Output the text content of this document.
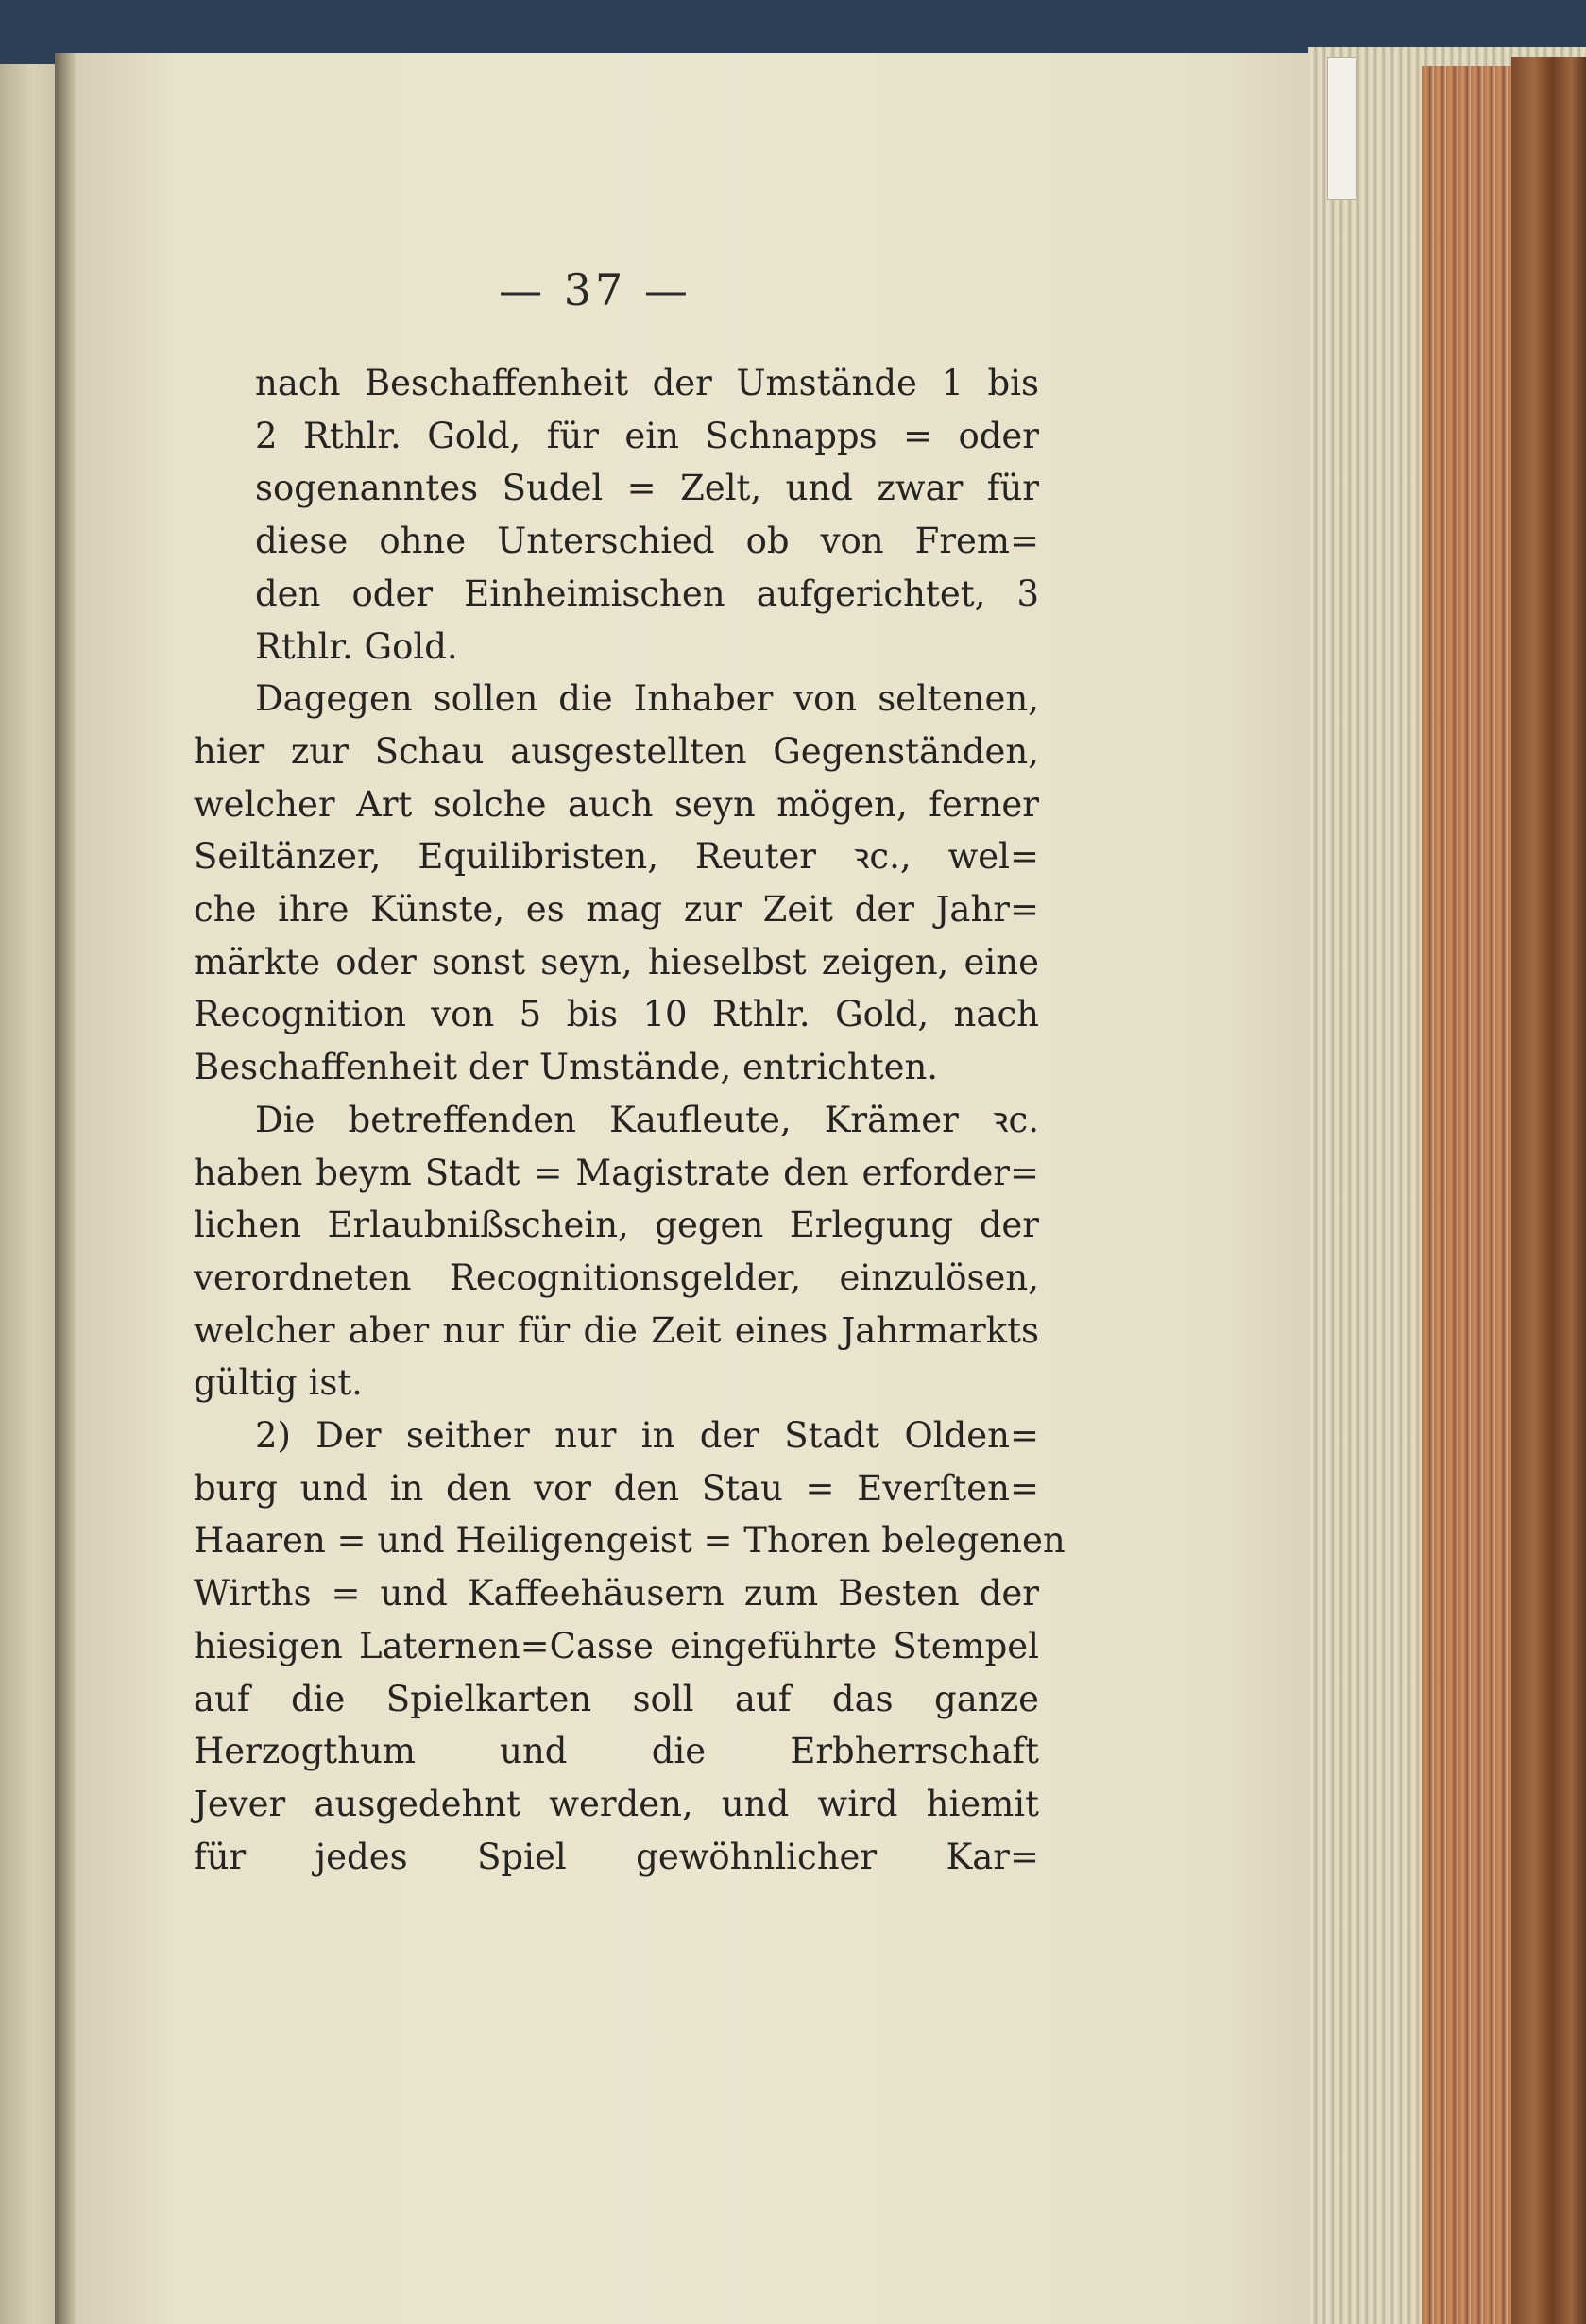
— 37 —
nach Beschaffenheit der Umstände 1 bis
2 Rthlr. Gold, für ein Schnapps = oder
sogenanntes Sudel = Zelt, und zwar für
diese ohne Unterschied ob von Frem=
den oder Einheimischen aufgerichtet, 3
Rthlr. Gold.
Dagegen sollen die Inhaber von seltenen,
hier zur Schau ausgestellten Gegenständen,
welcher Art solche auch seyn mögen, ferner
Seiltänzer, Equilibristen, Reuter ꝛc., wel=
che ihre Künste, es mag zur Zeit der Jahr=
märkte oder sonst seyn, hieselbst zeigen, eine
Recognition von 5 bis 10 Rthlr. Gold, nach
Beschaffenheit der Umstände, entrichten.
Die betreffenden Kaufleute, Krämer ꝛc.
haben beym Stadt = Magistrate den erforder=
lichen Erlaubnißschein, gegen Erlegung der
verordneten Recognitionsgelder, einzulösen,
welcher aber nur für die Zeit eines Jahrmarkts
gültig ist.
2) Der seither nur in der Stadt Olden=
burg und in den vor den Stau = Everſten=
Haaren = und Heiligengeist = Thoren belegenen
Wirths = und Kaffeehäusern zum Besten der
hiesigen Laternen=Casse eingeführte Stempel
auf die Spielkarten soll auf das ganze
Herzogthum und die Erbherrschaft
Jever ausgedehnt werden, und wird hiemit
für jedes Spiel gewöhnlicher Kar=
